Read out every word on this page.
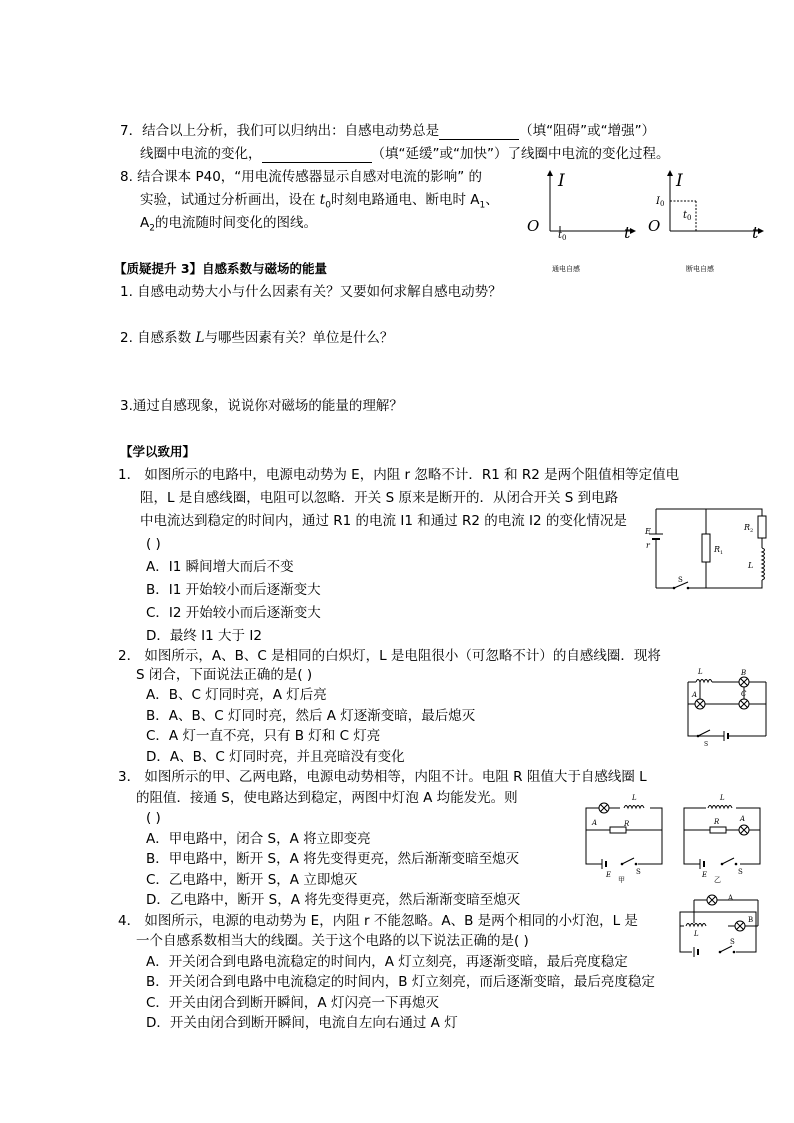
7．结合以上分析，我们可以归纳出：自感电动势总是	（填“阻碍”或“增强”）
线圈中电流的变化，	（填“延缓”或“加快”）了线圈中电流的变化过程。
8. 结合课本 P40，“用电流传感器显示自感对电流的影响” 的
实验，试通过分析画出，设在 $t_0$时刻电路通电、断电时 $A_1$、
$A_2$的电流随时间变化的图线。
I
O
t 0	t
通电自感
I
I 0
t 0
O	t
断电自感
【质疑提升 3】自感系数与磁场的能量
1. 自感电动势大小与什么因素有关？又要如何求解自感电动势？
2. 自感系数 L与哪些因素有关？单位是什么？
3.通过自感现象，说说你对磁场的能量的理解？
【学以致用】
1． 如图所示的电路中，电源电动势为 E，内阻 r 忽略不计．R1 和 R2 是两个阻值相等定值电
阻，L 是自感线圈，电阻可以忽略．开关 S 原来是断开的．从闭合开关 S 到电路
中电流达到稳定的时间内，通过 R1 的电流 I1 和通过 R2 的电流 I2 的变化情况是
( )
A．I1 瞬间增大而后不变
B．I1 开始较小而后逐渐变大
C．I2 开始较小而后逐渐变大
D．最终 I1 大于 I2
E
r
S
R 1
R 2
L
2． 如图所示，A、B、C 是相同的白炽灯，L 是电阻很小（可忽略不计）的自感线圈．现将
S 闭合，下面说法正确的是( )
A．B、C 灯同时亮，A 灯后亮
B．A、B、C 灯同时亮，然后 A 灯逐渐变暗，最后熄灭
C．A 灯一直不亮，只有 B 灯和 C 灯亮
D．A、B、C 灯同时亮，并且亮暗没有变化
L
A
B
C
S
3． 如图所示的甲、乙两电路，电源电动势相等，内阻不计。电阻 R 阻值大于自感线圈 L
的阻值．接通 S，使电路达到稳定，两图中灯泡 A 均能发光。则
( )
A．甲电路中，闭合 S，A 将立即变亮
B．甲电路中，断开 S，A 将先变得更亮，然后渐渐变暗至熄灭
C．乙电路中，断开 S，A 立即熄灭
D．乙电路中，断开 S，A 将先变得更亮，然后渐渐变暗至熄灭
A
L
R
E	S
甲
L
R	A
E	S
乙
4． 如图所示，电源的电动势为 E，内阻 r 不能忽略。A、B 是两个相同的小灯泡，L 是
一个自感系数相当大的线圈。关于这个电路的以下说法正确的是( )
A．开关闭合到电路电流稳定的时间内，A 灯立刻亮，再逐渐变暗，最后亮度稳定
B．开关闭合到电路中电流稳定的时间内，B 灯立刻亮，而后逐渐变暗，最后亮度稳定
C．开关由闭合到断开瞬间，A 灯闪亮一下再熄灭
D．开关由闭合到断开瞬间，电流自左向右通过 A 灯
A
L
B
S
